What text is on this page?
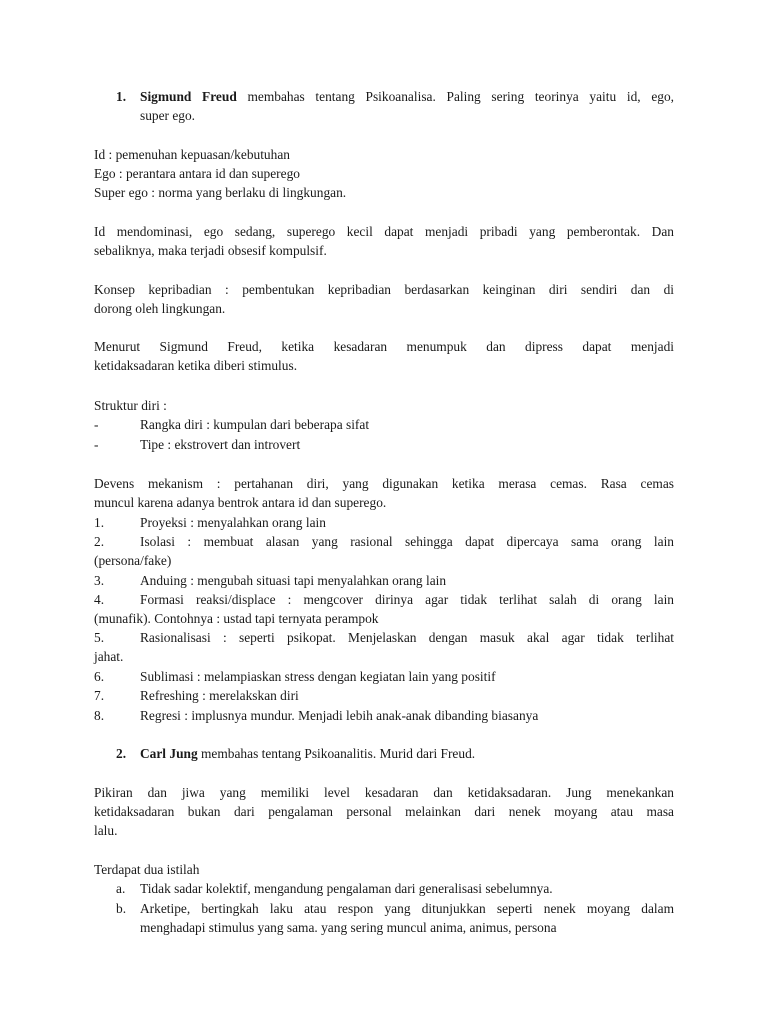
1. Sigmund Freud membahas tentang Psikoanalisa. Paling sering teorinya yaitu id, ego,
super ego.
Id : pemenuhan kepuasan/kebutuhan
Ego : perantara antara id dan superego
Super ego : norma yang berlaku di lingkungan.
Id mendominasi, ego sedang, superego kecil dapat menjadi pribadi yang pemberontak. Dan
sebaliknya, maka terjadi obsesif kompulsif.
Konsep kepribadian : pembentukan kepribadian berdasarkan keinginan diri sendiri dan di
dorong oleh lingkungan.
Menurut Sigmund Freud, ketika kesadaran menumpuk dan dipress dapat menjadi
ketidaksadaran ketika diberi stimulus.
Struktur diri :
-	Rangka diri : kumpulan dari beberapa sifat
-	Tipe : ekstrovert dan introvert
Devens mekanism : pertahanan diri, yang digunakan ketika merasa cemas. Rasa cemas
muncul karena adanya bentrok antara id dan superego.
1.	Proyeksi : menyalahkan orang lain
2.	Isolasi : membuat alasan yang rasional sehingga dapat dipercaya sama orang lain
(persona/fake)
3.	Anduing : mengubah situasi tapi menyalahkan orang lain
4.	Formasi reaksi/displace : mengcover dirinya agar tidak terlihat salah di orang lain
(munafik). Contohnya : ustad tapi ternyata perampok
5.	Rasionalisasi : seperti psikopat. Menjelaskan dengan masuk akal agar tidak terlihat
jahat.
6.	Sublimasi : melampiaskan stress dengan kegiatan lain yang positif
7.	Refreshing : merelakskan diri
8.	Regresi : implusnya mundur. Menjadi lebih anak-anak dibanding biasanya
2. Carl Jung membahas tentang Psikoanalitis. Murid dari Freud.
Pikiran dan jiwa yang memiliki level kesadaran dan ketidaksadaran. Jung menekankan
ketidaksadaran bukan dari pengalaman personal melainkan dari nenek moyang atau masa
lalu.
Terdapat dua istilah
a. Tidak sadar kolektif, mengandung pengalaman dari generalisasi sebelumnya.
b. Arketipe, bertingkah laku atau respon yang ditunjukkan seperti nenek moyang dalam
menghadapi stimulus yang sama. yang sering muncul anima, animus, persona
